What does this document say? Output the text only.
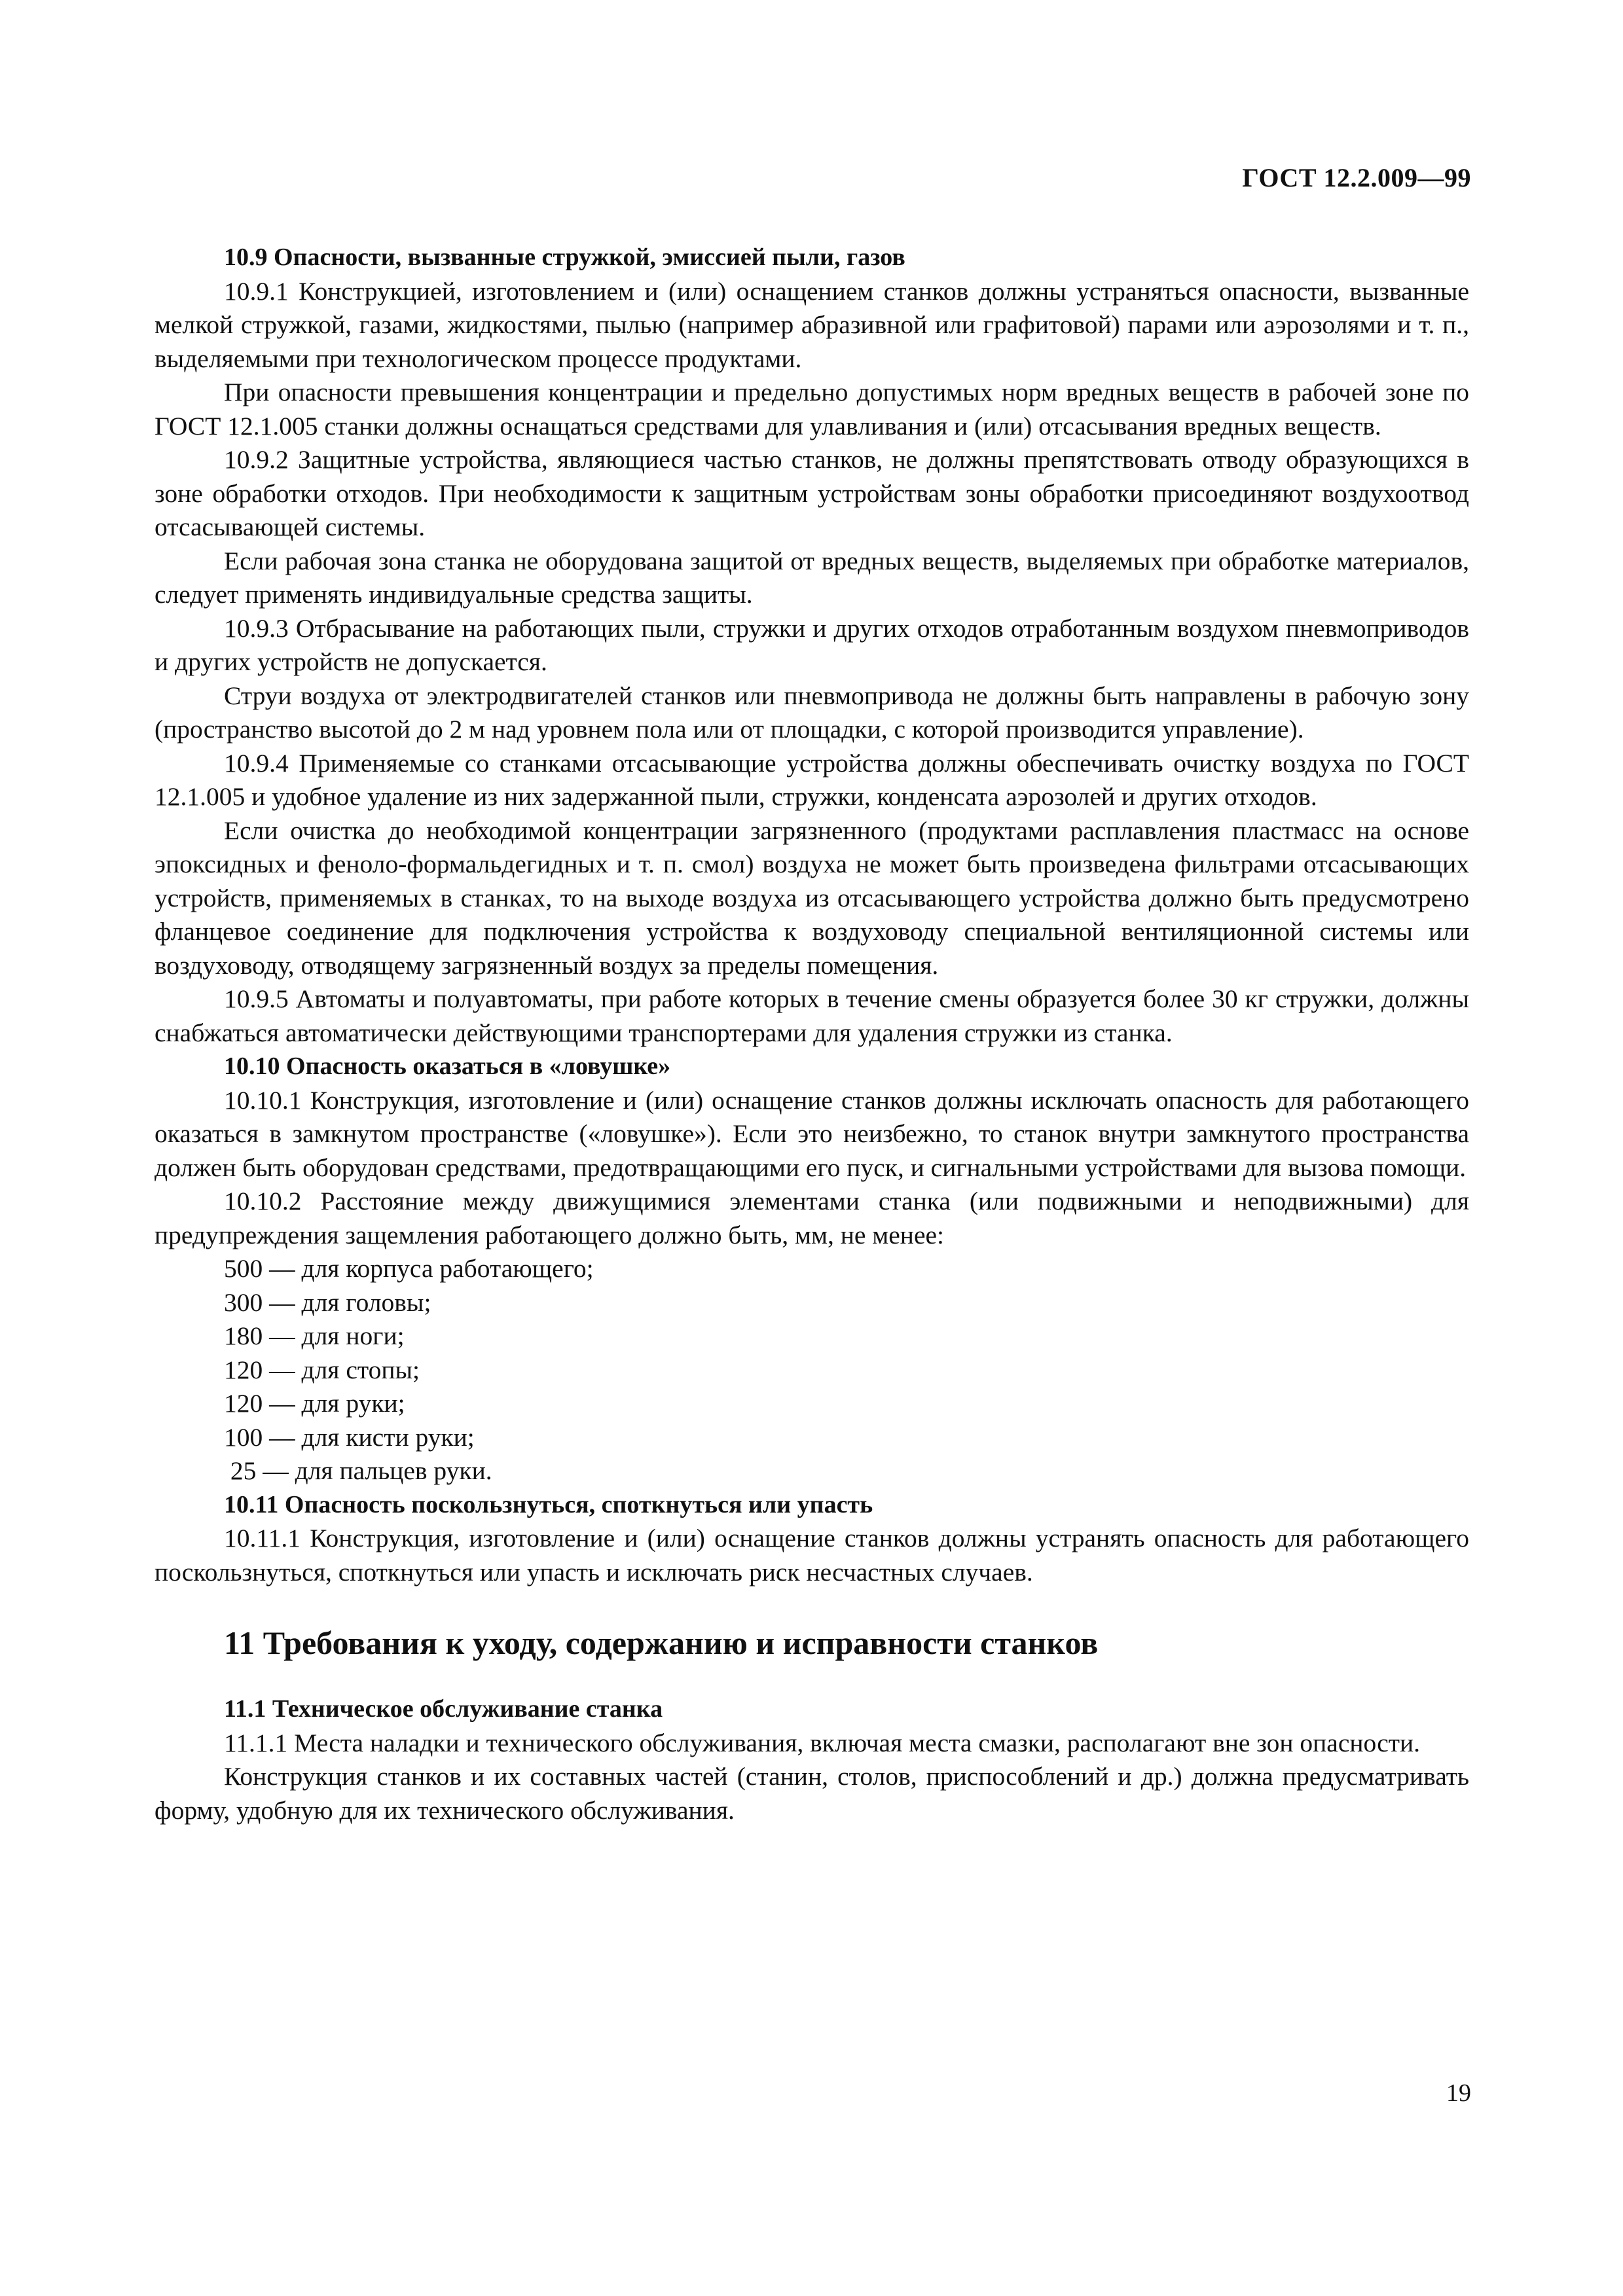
ГОСТ 12.2.009—99
10.9 Опасности, вызванные стружкой, эмиссией пыли, газов

10.9.1 Конструкцией, изготовлением и (или) оснащением станков должны устраняться опасности, вызванные мелкой стружкой, газами, жидкостями, пылью (например абразивной или графитовой) парами или аэрозолями и т. п., выделяемыми при технологическом процессе продуктами.

При опасности превышения концентрации и предельно допустимых норм вредных веществ в рабочей зоне по ГОСТ 12.1.005 станки должны оснащаться средствами для улавливания и (или) отсасывания вредных веществ.

10.9.2 Защитные устройства, являющиеся частью станков, не должны препятствовать отводу образующихся в зоне обработки отходов. При необходимости к защитным устройствам зоны обработки присоединяют воздухоотвод отсасывающей системы.

Если рабочая зона станка не оборудована защитой от вредных веществ, выделяемых при обработке материалов, следует применять индивидуальные средства защиты.

10.9.3 Отбрасывание на работающих пыли, стружки и других отходов отработанным воздухом пневмоприводов и других устройств не допускается.

Струи воздуха от электродвигателей станков или пневмопривода не должны быть направлены в рабочую зону (пространство высотой до 2 м над уровнем пола или от площадки, с которой производится управление).

10.9.4 Применяемые со станками отсасывающие устройства должны обеспечивать очистку воздуха по ГОСТ 12.1.005 и удобное удаление из них задержанной пыли, стружки, конденсата аэрозолей и других отходов.

Если очистка до необходимой концентрации загрязненного (продуктами расплавления пластмасс на основе эпоксидных и феноло-формальдегидных и т. п. смол) воздуха не может быть произведена фильтрами отсасывающих устройств, применяемых в станках, то на выходе воздуха из отсасывающего устройства должно быть предусмотрено фланцевое соединение для подключения устройства к воздуховоду специальной вентиляционной системы или воздуховоду, отводящему загрязненный воздух за пределы помещения.

10.9.5 Автоматы и полуавтоматы, при работе которых в течение смены образуется более 30 кг стружки, должны снабжаться автоматически действующими транспортерами для удаления стружки из станка.

10.10 Опасность оказаться в «ловушке»

10.10.1 Конструкция, изготовление и (или) оснащение станков должны исключать опасность для работающего оказаться в замкнутом пространстве («ловушке»). Если это неизбежно, то станок внутри замкнутого пространства должен быть оборудован средствами, предотвращающими его пуск, и сигнальными устройствами для вызова помощи.

10.10.2 Расстояние между движущимися элементами станка (или подвижными и неподвижными) для предупреждения защемления работающего должно быть, мм, не менее:

500 — для корпуса работающего;
300 — для головы;
180 — для ноги;
120 — для стопы;
120 — для руки;
100 — для кисти руки;
25 — для пальцев руки.
10.11 Опасность поскользнуться, споткнуться или упасть

10.11.1 Конструкция, изготовление и (или) оснащение станков должны устранять опасность для работающего поскользнуться, споткнуться или упасть и исключать риск несчастных случаев.

11 Требования к уходу, содержанию и исправности станков
11.1 Техническое обслуживание станка

11.1.1 Места наладки и технического обслуживания, включая места смазки, располагают вне зон опасности.

Конструкция станков и их составных частей (станин, столов, приспособлений и др.) должна предусматривать форму, удобную для их технического обслуживания.

19
